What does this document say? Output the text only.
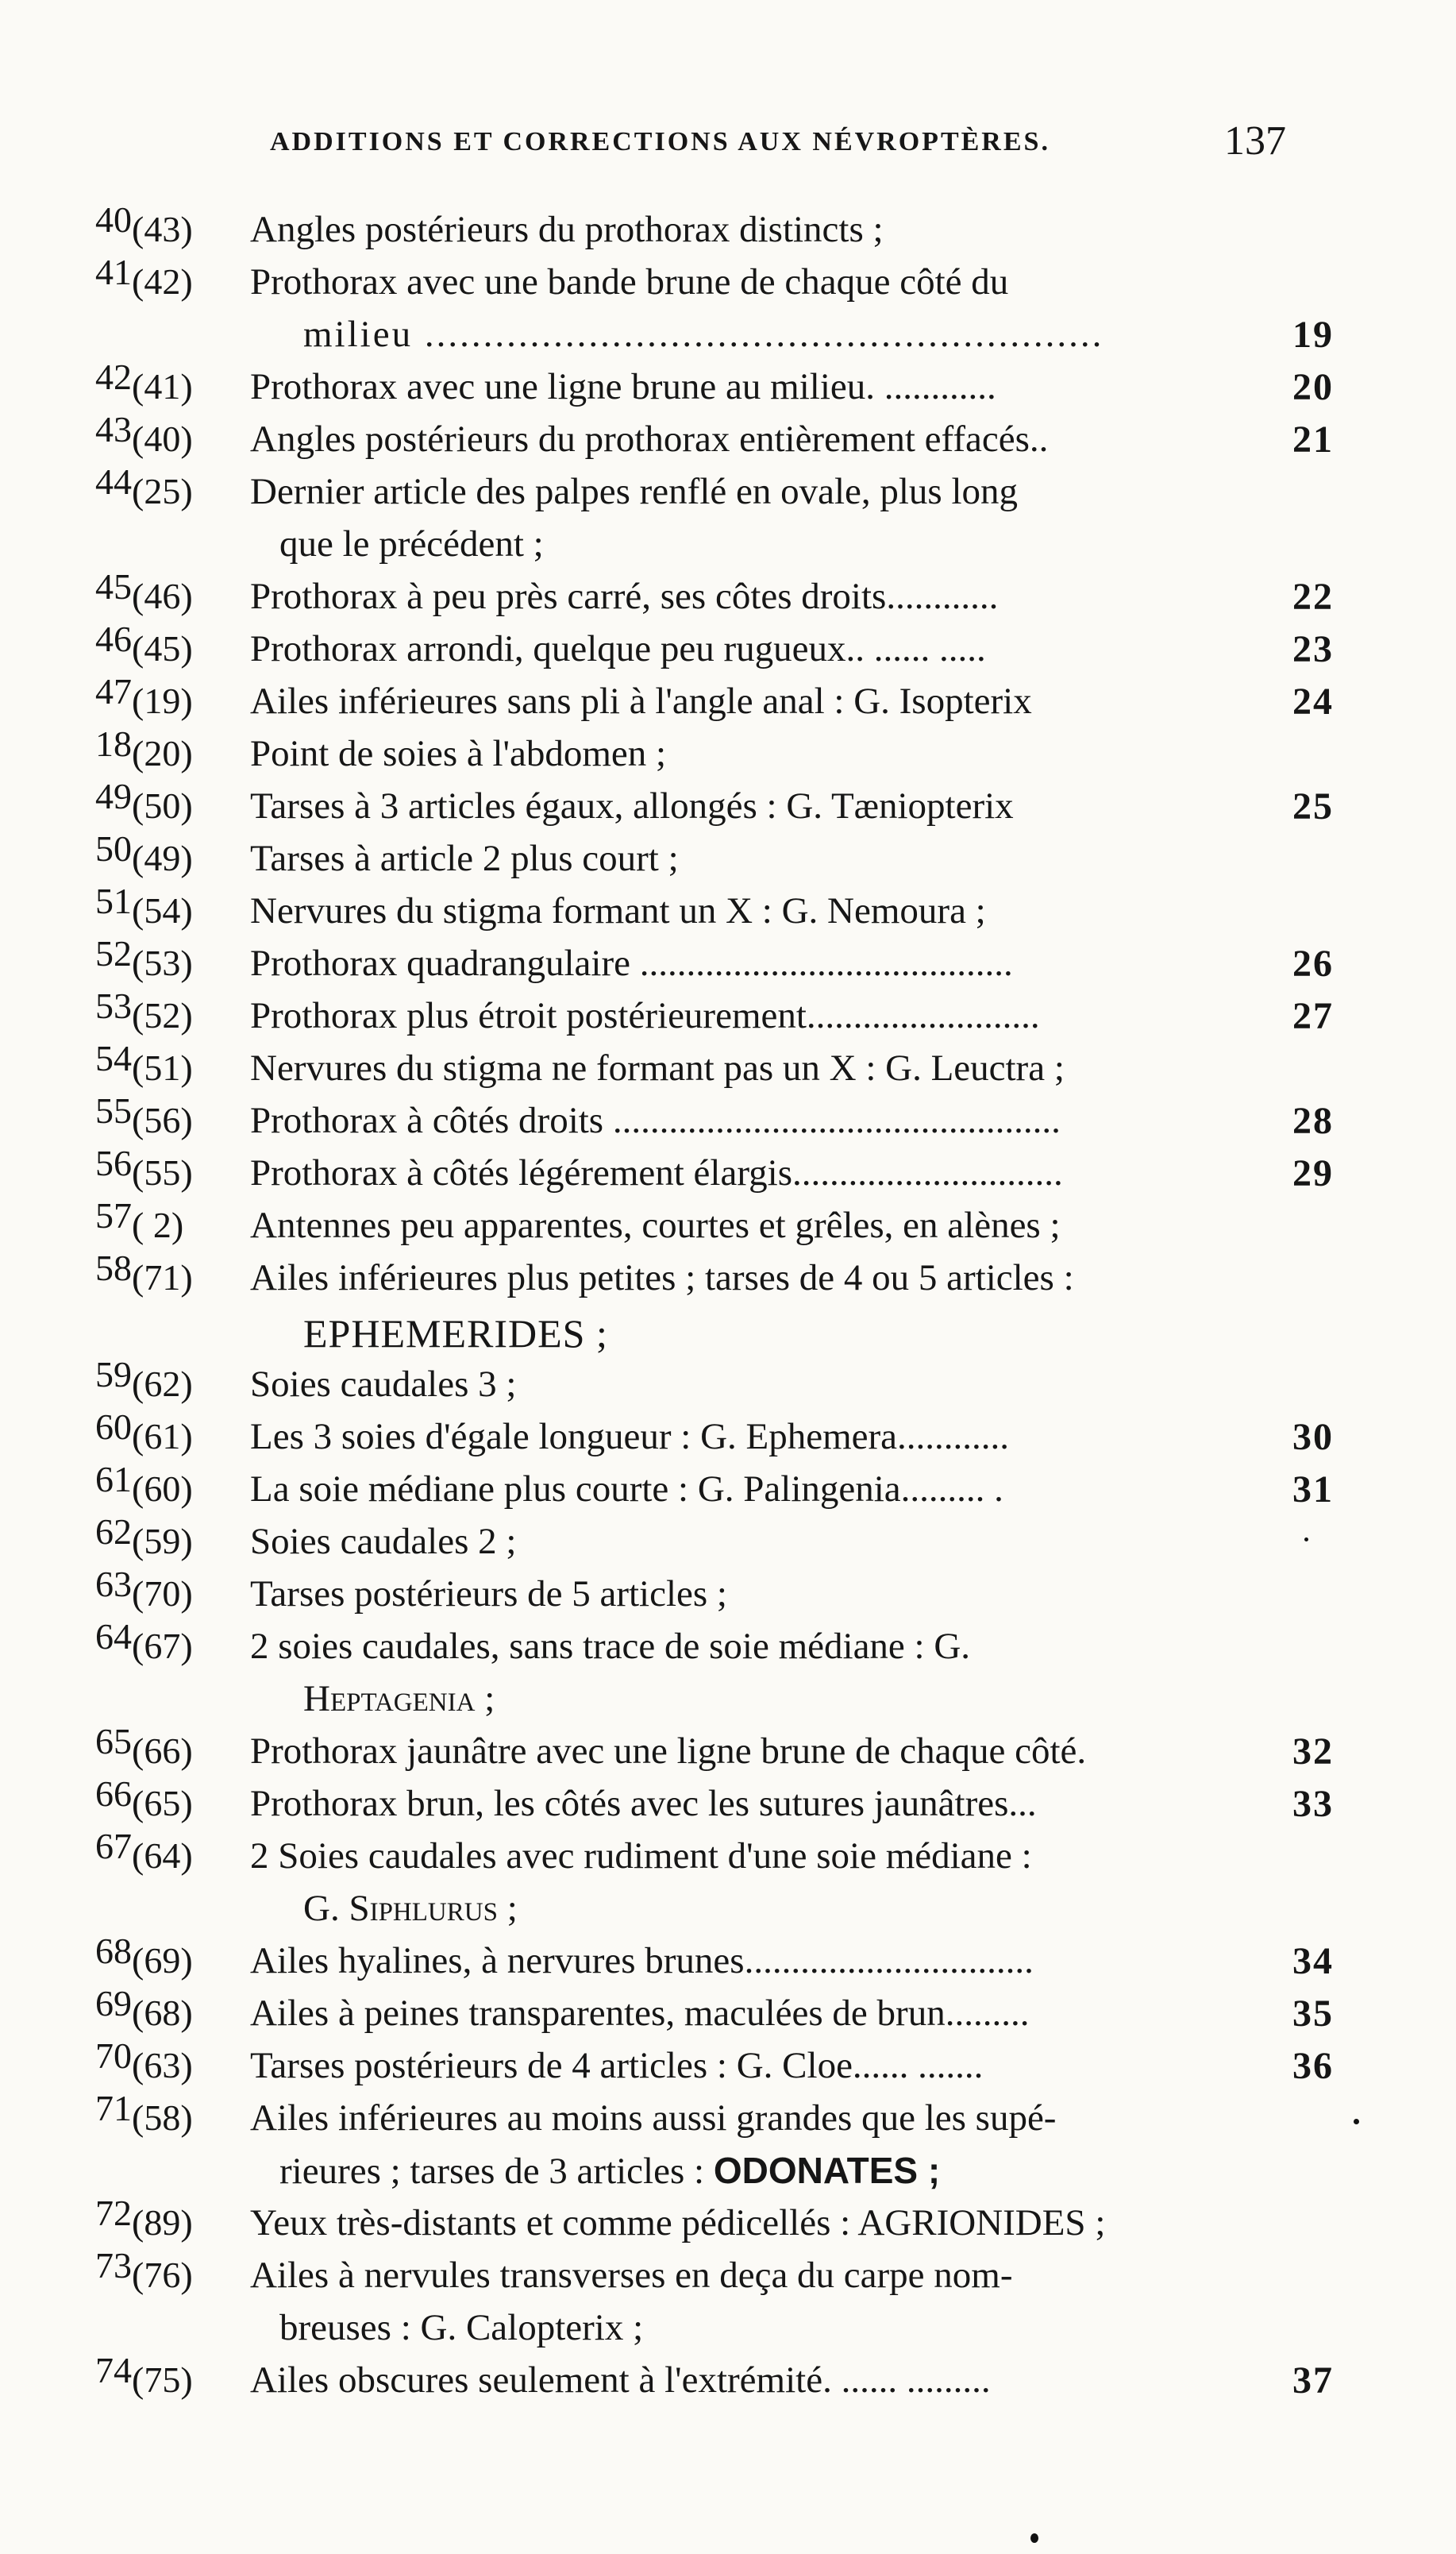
ADDITIONS ET CORRECTIONS AUX NÉVROPTÈRES.	137
40(43)	Angles postérieurs du prothorax distincts ;
41(42)	Prothorax avec une bande brune de chaque côté du
milieu ..........................................................	19
42(41)	Prothorax avec une ligne brune au milieu. ............	20
43(40)	Angles postérieurs du prothorax entièrement effacés..	21
44(25)	Dernier article des palpes renflé en ovale, plus long
que le précédent ;
45(46)	Prothorax à peu près carré, ses côtes droits............	22
46(45)	Prothorax arrondi, quelque peu rugueux.. ...... .....	23
47(19)	Ailes inférieures sans pli à l'angle anal : G. Isopterix	24
18(20)	Point de soies à l'abdomen ;
49(50)	Tarses à 3 articles égaux, allongés : G. Tæniopterix	25
50(49)	Tarses à article 2 plus court ;
51(54)	Nervures du stigma formant un X : G. Nemoura ;
52(53)	Prothorax quadrangulaire ........................................	26
53(52)	Prothorax plus étroit postérieurement.........................	27
54(51)	Nervures du stigma ne formant pas un X : G. Leuctra ;
55(56)	Prothorax à côtés droits ................................................	28
56(55)	Prothorax à côtés légérement élargis.............................	29
57( 2)	Antennes peu apparentes, courtes et grêles, en alènes ;
58(71)	Ailes inférieures plus petites ; tarses de 4 ou 5 articles :
EPHEMERIDES ;
59(62)	Soies caudales 3 ;
60(61)	Les 3 soies d'égale longueur : G. Ephemera............	30
61(60)	La soie médiane plus courte : G. Palingenia......... .	31
62(59)	Soies caudales 2 ;
63(70)	Tarses postérieurs de 5 articles ;
64(67)	2 soies caudales, sans trace de soie médiane : G.
Heptagenia ;
65(66)	Prothorax jaunâtre avec une ligne brune de chaque côté.	32
66(65)	Prothorax brun, les côtés avec les sutures jaunâtres...	33
67(64)	2 Soies caudales avec rudiment d'une soie médiane :
G. Siphlurus ;
68(69)	Ailes hyalines, à nervures brunes...............................	34
69(68)	Ailes à peines transparentes, maculées de brun.........	35
70(63)	Tarses postérieurs de 4 articles : G. Cloe...... .......	36
71(58)	Ailes inférieures au moins aussi grandes que les supé-
rieures ; tarses de 3 articles : ODONATES ;
72(89)	Yeux très-distants et comme pédicellés : AGRIONIDES ;
73(76)	Ailes à nervules transverses en deça du carpe nom-
breuses : G. Calopterix ;
74(75)	Ailes obscures seulement à l'extrémité. ...... .........	37
